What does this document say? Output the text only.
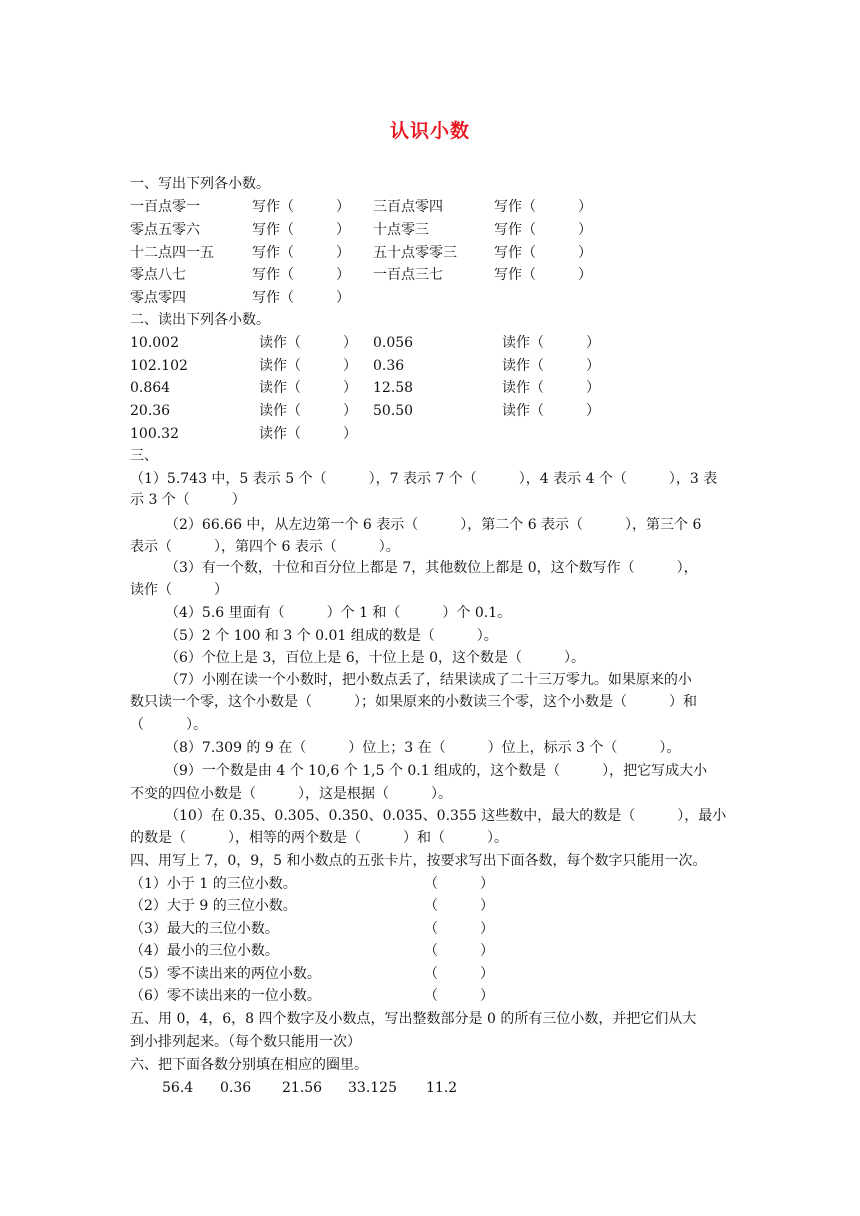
认识小数
一、写出下列各小数。
一百点零一	写作（　　　） 三百点零四	写作（　　　）
零点五零六	写作（　　　） 十点零三	写作（　　　）
十二点四一五	写作（　　　） 五十点零零三	写作（　　　）
零点八七	写作（　　　） 一百点三七	写作（　　　）
零点零四	写作（　　　）
二、读出下列各小数。
10.002	读作（　　　） 0.056	读作（　　　）
102.102	读作（　　　） 0.36	读作（　　　）
0.864	读作（　　　） 12.58	读作（　　　）
20.36	读作（　　　） 50.50	读作（　　　）
100.32	读作（　　　）
三、
（1）5.743 中，5 表示 5 个（　　　），7 表示 7 个（　　　），4 表示 4 个（　　　），3 表
示 3 个（　　　）
（2）66.66 中，从左边第一个 6 表示（　　　），第二个 6 表示（　　　），第三个 6
表示（　　　），第四个 6 表示（　　　）。
（3）有一个数，十位和百分位上都是 7，其他数位上都是 0，这个数写作（　　　），
读作（　　　）
（4）5.6 里面有（　　　）个 1 和（　　　）个 0.1。
（5）2 个 100 和 3 个 0.01 组成的数是（　　　）。
（6）个位上是 3，百位上是 6，十位上是 0，这个数是（　　　）。
（7）小刚在读一个小数时，把小数点丢了，结果读成了二十三万零九。如果原来的小
数只读一个零，这个小数是（　　　）；如果原来的小数读三个零，这个小数是（　　　）和
（　　　）。
（8）7.309 的 9 在（　　　）位上；3 在（　　　）位上，标示 3 个（　　　）。
（9）一个数是由 4 个 10,6 个 1,5 个 0.1 组成的，这个数是（　　　），把它写成大小
不变的四位小数是（　　　），这是根据（　　　）。
（10）在 0.35、0.305、0.350、0.035、0.355 这些数中，最大的数是（　　　），最小
的数是（　　　），相等的两个数是（　　　）和（　　　）。
四、用写上 7，0，9，5 和小数点的五张卡片，按要求写出下面各数，每个数字只能用一次。
（1）小于 1 的三位小数。	（　　　）
（2）大于 9 的三位小数。	（　　　）
（3）最大的三位小数。	（　　　）
（4）最小的三位小数。	（　　　）
（5）零不读出来的两位小数。	（　　　）
（6）零不读出来的一位小数。	（　　　）
五、用 0，4，6，8 四个数字及小数点，写出整数部分是 0 的所有三位小数，并把它们从大
到小排列起来。（每个数只能用一次）
六、把下面各数分别填在相应的圈里。
56.4 0.36 21.56 33.125 11.2
